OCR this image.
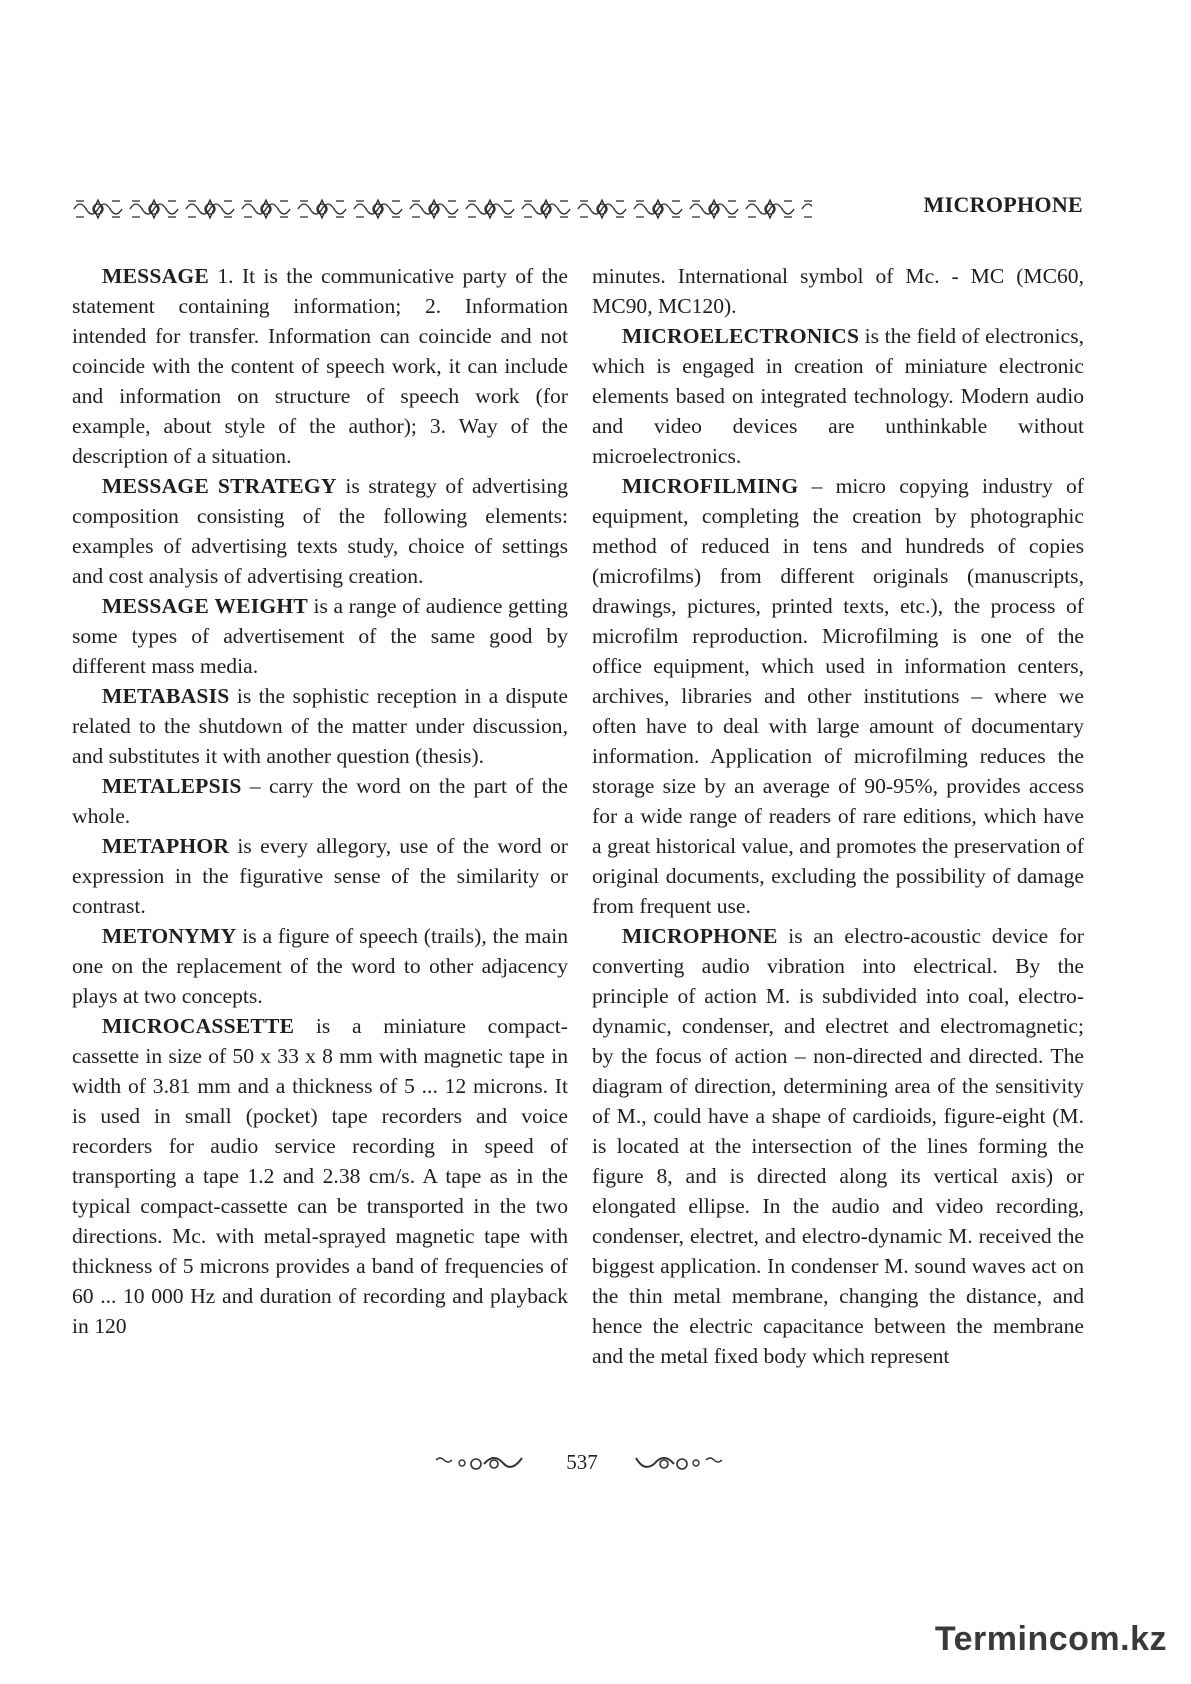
MICROPHONE

MESSAGE 1. It is the communicative party of the statement containing information; 2. Information intended for transfer. Information can coincide and not coincide with the content of speech work, it can include and information on structure of speech work (for example, about style of the author); 3. Way of the description of a situation.

MESSAGE STRATEGY is strategy of advertising composition consisting of the following elements: examples of advertising texts study, choice of settings and cost analysis of advertising creation.

MESSAGE WEIGHT is a range of audience getting some types of advertisement of the same good by different mass media.

METABASIS is the sophistic reception in a dispute related to the shutdown of the matter under discussion, and substitutes it with another question (thesis).

METALEPSIS – carry the word on the part of the whole.

METAPHOR is every allegory, use of the word or expression in the figurative sense of the similarity or contrast.

METONYMY is a figure of speech (trails), the main one on the replacement of the word to other adjacency plays at two concepts.

MICROCASSETTE is a miniature compact-cassette in size of 50 x 33 x 8 mm with magnetic tape in width of 3.81 mm and a thickness of 5 ... 12 microns. It is used in small (pocket) tape recorders and voice recorders for audio service recording in speed of transporting a tape 1.2 and 2.38 cm/s. A tape as in the typical compact-cassette can be transported in the two directions. Mc. with metal-sprayed magnetic tape with thickness of 5 microns provides a band of frequencies of 60 ... 10 000 Hz and duration of recording and playback in 120

minutes. International symbol of Mc. - MC (MC60, MC90, MC120).

MICROELECTRONICS is the field of electronics, which is engaged in creation of miniature electronic elements based on integrated technology. Modern audio and video devices are unthinkable without microelectronics.

MICROFILMING – micro copying industry of equipment, completing the creation by photographic method of reduced in tens and hundreds of copies (microfilms) from different originals (manuscripts, drawings, pictures, printed texts, etc.), the process of microfilm reproduction. Microfilming is one of the office equipment, which used in information centers, archives, libraries and other institutions – where we often have to deal with large amount of documentary information. Application of microfilming reduces the storage size by an average of 90-95%, provides access for a wide range of readers of rare editions, which have a great historical value, and promotes the preservation of original documents, excluding the possibility of damage from frequent use.

MICROPHONE is an electro-acoustic device for converting audio vibration into electrical. By the principle of action M. is subdivided into coal, electro-dynamic, condenser, and electret and electromagnetic; by the focus of action – non-directed and directed. The diagram of direction, determining area of the sensitivity of M., could have a shape of cardioids, figure-eight (M. is located at the intersection of the lines forming the figure 8, and is directed along its vertical axis) or elongated ellipse. In the audio and video recording, condenser, electret, and electro-dynamic M. received the biggest application. In condenser M. sound waves act on the thin metal membrane, changing the distance, and hence the electric capacitance between the membrane and the metal fixed body which represent

537
Termincom.kz
